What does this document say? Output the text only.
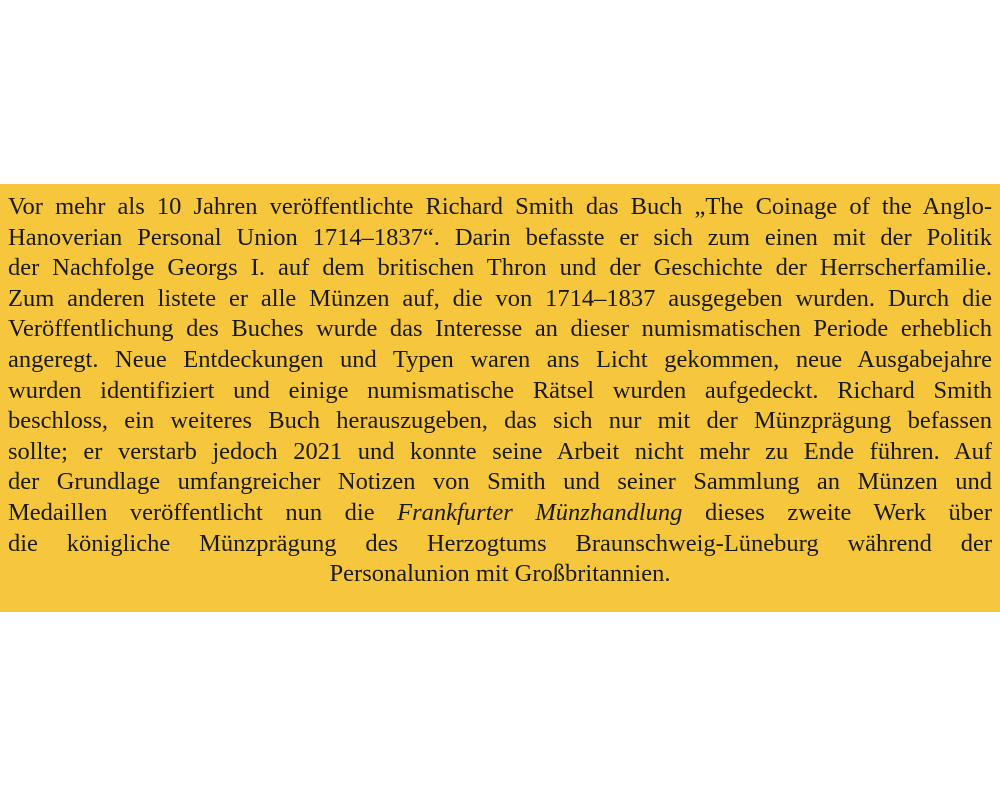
Vor mehr als 10 Jahren veröffentlichte Richard Smith das Buch „The Coinage of the Anglo-
Hanoverian Personal Union 1714–1837“. Darin befasste er sich zum einen mit der Politik
der Nachfolge Georgs I. auf dem britischen Thron und der Geschichte der Herrscherfamilie.
Zum anderen listete er alle Münzen auf, die von 1714–1837 ausgegeben wurden. Durch die
Veröffentlichung des Buches wurde das Interesse an dieser numismatischen Periode erheblich
angeregt. Neue Entdeckungen und Typen waren ans Licht gekommen, neue Ausgabejahre
wurden identifiziert und einige numismatische Rätsel wurden aufgedeckt. Richard Smith
beschloss, ein weiteres Buch herauszugeben, das sich nur mit der Münzprägung befassen
sollte; er verstarb jedoch 2021 und konnte seine Arbeit nicht mehr zu Ende führen. Auf
der Grundlage umfangreicher Notizen von Smith und seiner Sammlung an Münzen und
Medaillen veröffentlicht nun die Frankfurter Münzhandlung dieses zweite Werk über
die königliche Münzprägung des Herzogtums Braunschweig-Lüneburg während der
Personalunion mit Großbritannien.
